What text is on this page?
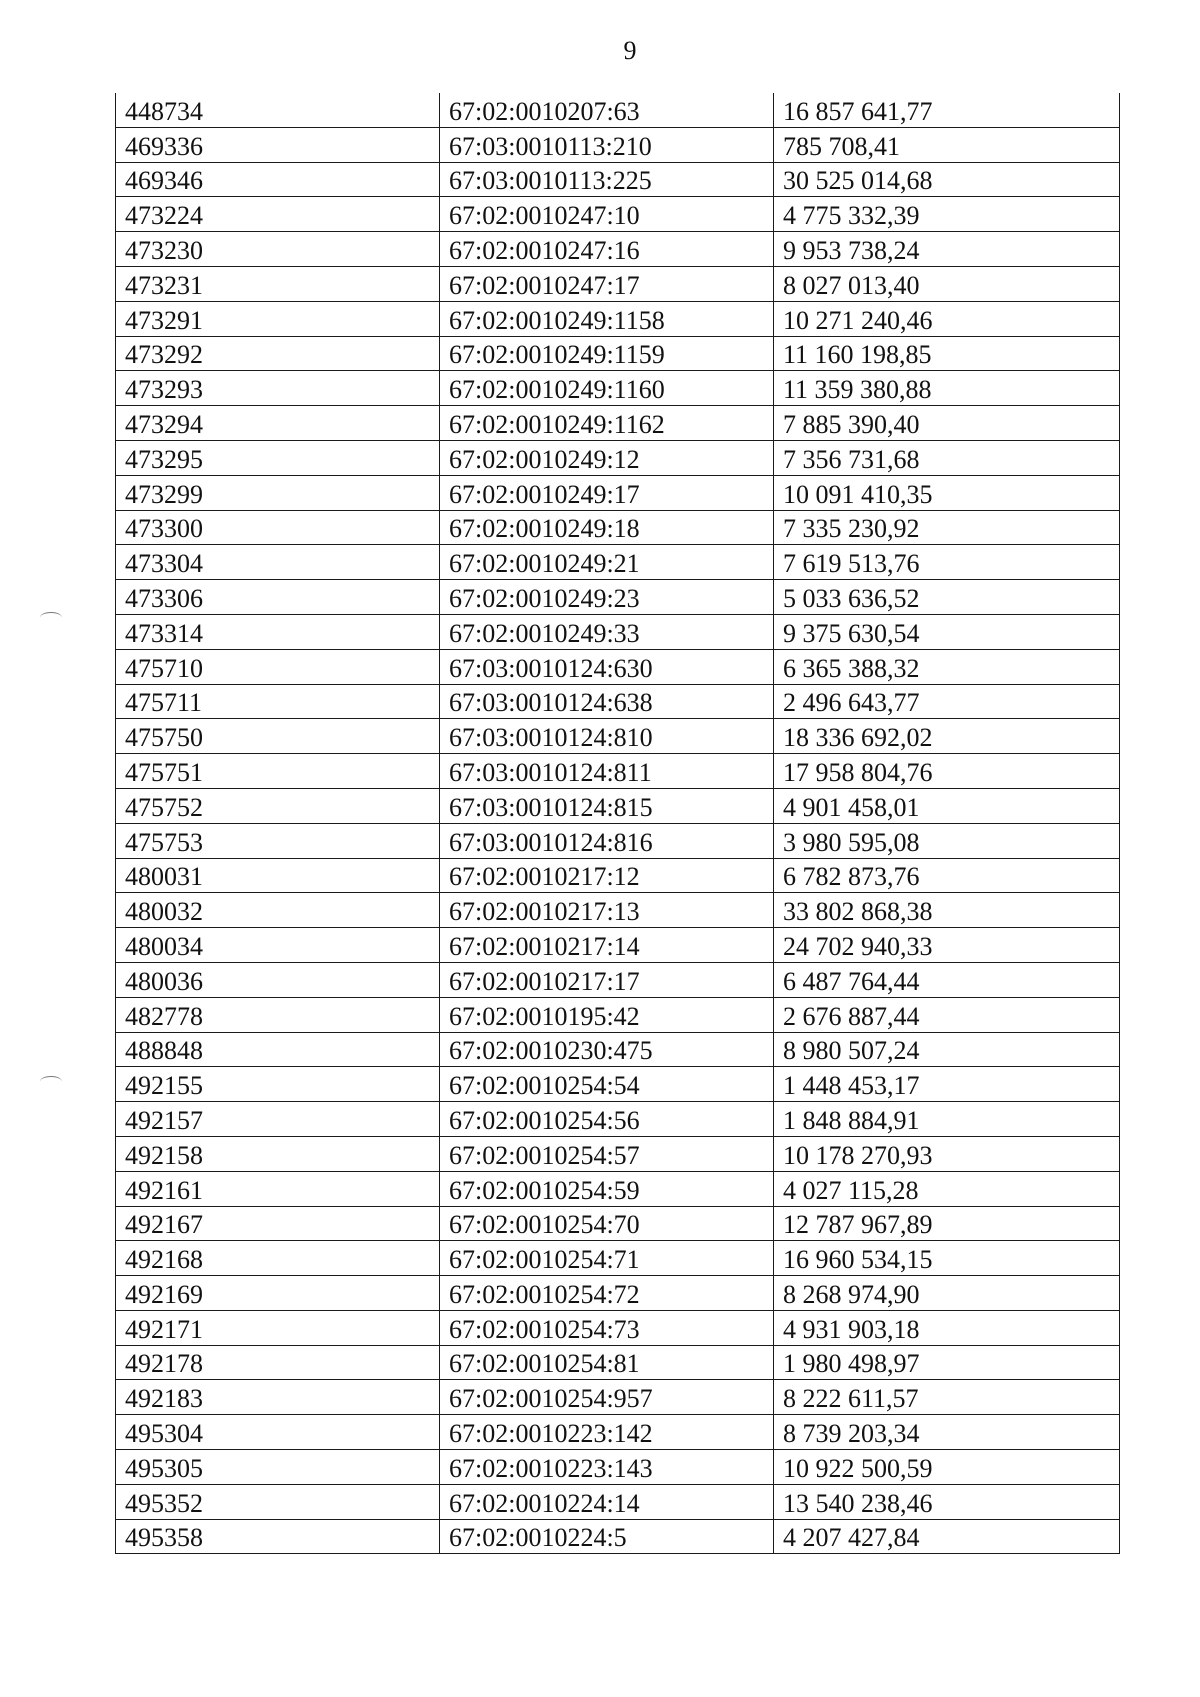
9
448734	67:02:0010207:63	16 857 641,77
469336	67:03:0010113:210	785 708,41
469346	67:03:0010113:225	30 525 014,68
473224	67:02:0010247:10	4 775 332,39
473230	67:02:0010247:16	9 953 738,24
473231	67:02:0010247:17	8 027 013,40
473291	67:02:0010249:1158	10 271 240,46
473292	67:02:0010249:1159	11 160 198,85
473293	67:02:0010249:1160	11 359 380,88
473294	67:02:0010249:1162	7 885 390,40
473295	67:02:0010249:12	7 356 731,68
473299	67:02:0010249:17	10 091 410,35
473300	67:02:0010249:18	7 335 230,92
473304	67:02:0010249:21	7 619 513,76
473306	67:02:0010249:23	5 033 636,52
473314	67:02:0010249:33	9 375 630,54
475710	67:03:0010124:630	6 365 388,32
475711	67:03:0010124:638	2 496 643,77
475750	67:03:0010124:810	18 336 692,02
475751	67:03:0010124:811	17 958 804,76
475752	67:03:0010124:815	4 901 458,01
475753	67:03:0010124:816	3 980 595,08
480031	67:02:0010217:12	6 782 873,76
480032	67:02:0010217:13	33 802 868,38
480034	67:02:0010217:14	24 702 940,33
480036	67:02:0010217:17	6 487 764,44
482778	67:02:0010195:42	2 676 887,44
488848	67:02:0010230:475	8 980 507,24
492155	67:02:0010254:54	1 448 453,17
492157	67:02:0010254:56	1 848 884,91
492158	67:02:0010254:57	10 178 270,93
492161	67:02:0010254:59	4 027 115,28
492167	67:02:0010254:70	12 787 967,89
492168	67:02:0010254:71	16 960 534,15
492169	67:02:0010254:72	8 268 974,90
492171	67:02:0010254:73	4 931 903,18
492178	67:02:0010254:81	1 980 498,97
492183	67:02:0010254:957	8 222 611,57
495304	67:02:0010223:142	8 739 203,34
495305	67:02:0010223:143	10 922 500,59
495352	67:02:0010224:14	13 540 238,46
495358	67:02:0010224:5	4 207 427,84
